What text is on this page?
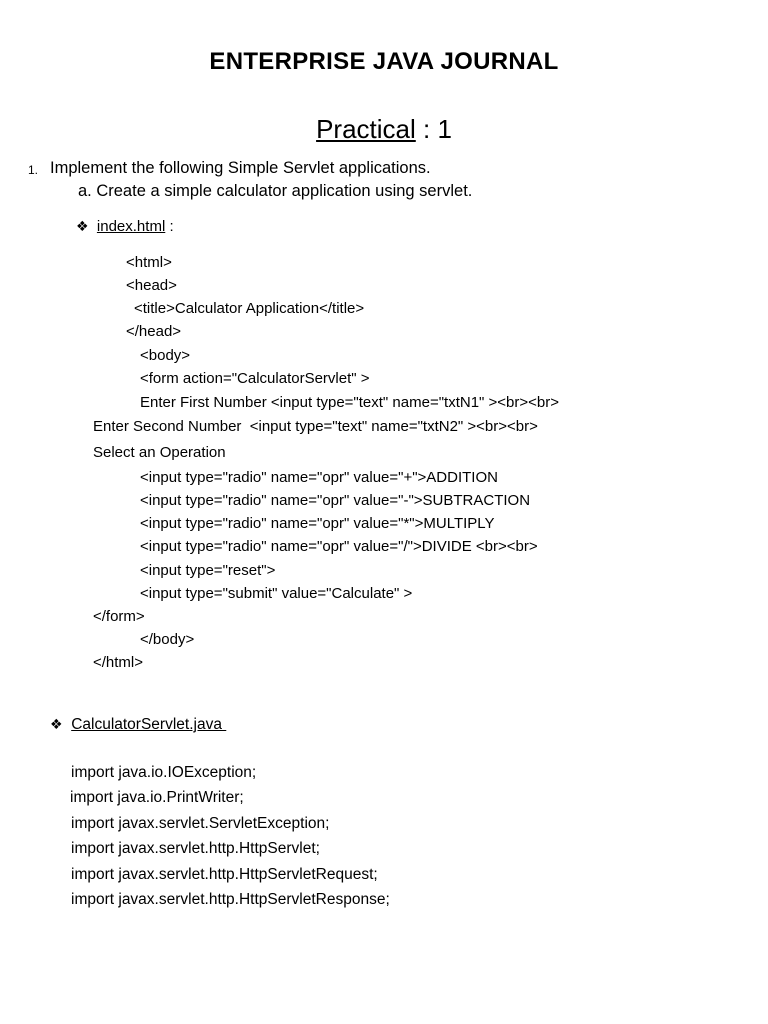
ENTERPRISE JAVA JOURNAL
Practical : 1
1. Implement the following Simple Servlet applications.
a. Create a simple calculator application using servlet.
❖ index.html :
<html>
<head>
<title>Calculator Application</title>
</head>
<body>
<form action="CalculatorServlet" >
Enter First Number <input type="text" name="txtN1" ><br><br>
Enter Second Number  <input type="text" name="txtN2" ><br><br>
Select an Operation
<input type="radio" name="opr" value="+">ADDITION
<input type="radio" name="opr" value="-">SUBTRACTION
<input type="radio" name="opr" value="*">MULTIPLY
<input type="radio" name="opr" value="/">DIVIDE <br><br>
<input type="reset">
<input type="submit" value="Calculate" >
</form>
</body>
</html>
❖ CalculatorServlet.java
import java.io.IOException;
import java.io.PrintWriter;
import javax.servlet.ServletException;
import javax.servlet.http.HttpServlet;
import javax.servlet.http.HttpServletRequest;
import javax.servlet.http.HttpServletResponse;
